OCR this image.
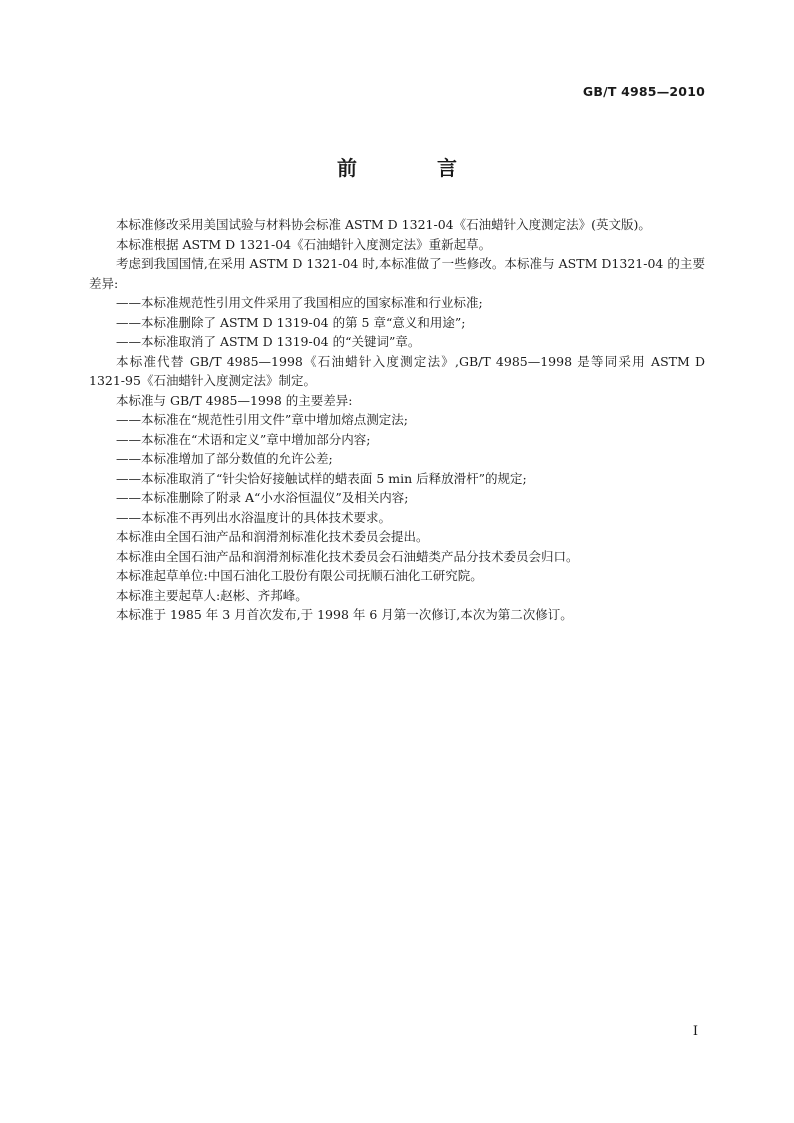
GB/T 4985—2010
前　言

本标准修改采用美国试验与材料协会标准 ASTM D 1321-04《石油蜡针入度测定法》(英文版)。

本标准根据 ASTM D 1321-04《石油蜡针入度测定法》重新起草。

考虑到我国国情,在采用 ASTM D 1321-04 时,本标准做了一些修改。本标准与 ASTM D1321-04 的主要差异:

——本标准规范性引用文件采用了我国相应的国家标准和行业标准;

——本标准删除了 ASTM D 1319-04 的第 5 章“意义和用途”;

——本标准取消了 ASTM D 1319-04 的“关键词”章。

本标准代替 GB/T 4985—1998《石油蜡针入度测定法》,GB/T 4985—1998 是等同采用 ASTM D 1321-95《石油蜡针入度测定法》制定。

本标准与 GB/T 4985—1998 的主要差异:

——本标准在“规范性引用文件”章中增加熔点测定法;

——本标准在“术语和定义”章中增加部分内容;

——本标准增加了部分数值的允许公差;

——本标准取消了“针尖恰好接触试样的蜡表面 5 min 后释放滑杆”的规定;

——本标准删除了附录 A“小水浴恒温仪”及相关内容;

——本标准不再列出水浴温度计的具体技术要求。

本标准由全国石油产品和润滑剂标准化技术委员会提出。

本标准由全国石油产品和润滑剂标准化技术委员会石油蜡类产品分技术委员会归口。

本标准起草单位:中国石油化工股份有限公司抚顺石油化工研究院。

本标准主要起草人:赵彬、齐邦峰。

本标准于 1985 年 3 月首次发布,于 1998 年 6 月第一次修订,本次为第二次修订。

I
